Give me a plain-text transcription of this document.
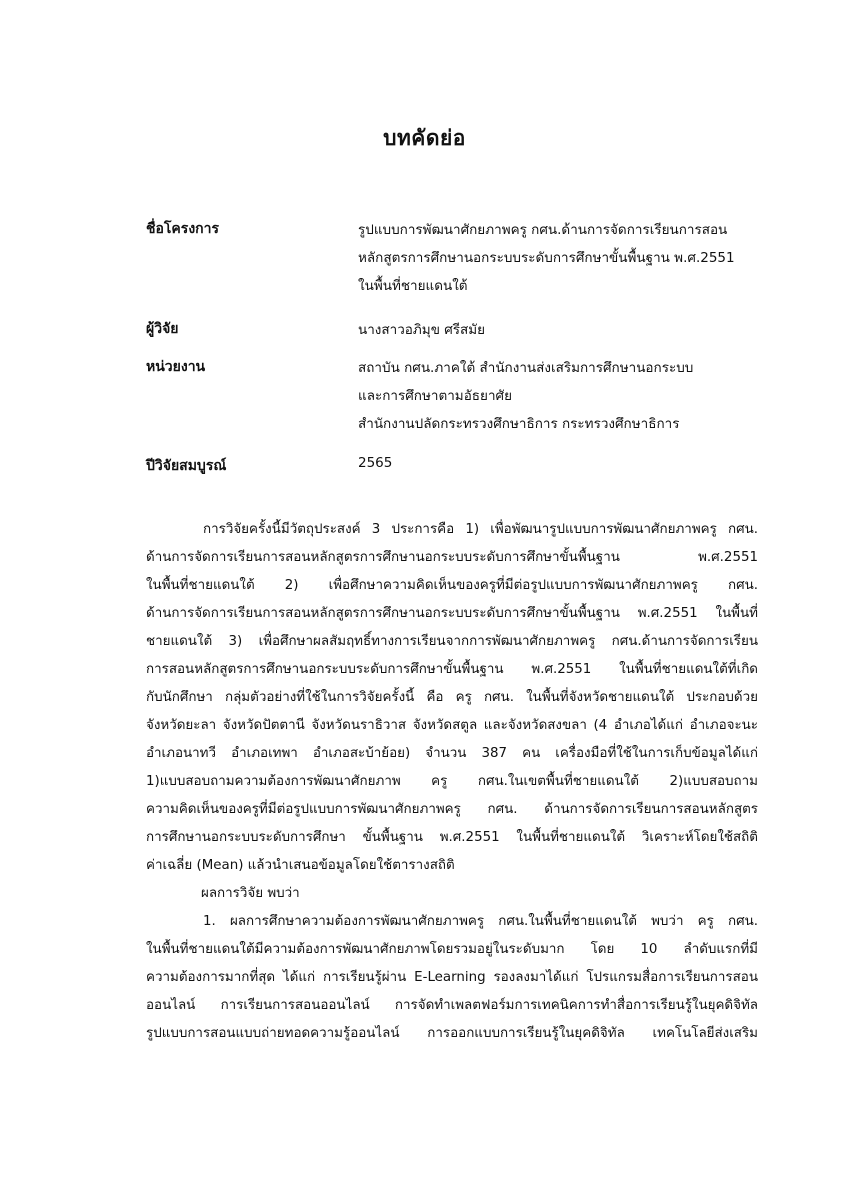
บทคัดย่อ
ชื่อโครงการ	รูปแบบการพัฒนาศักยภาพครู กศน.ด้านการจัดการเรียนการสอน
หลักสูตรการศึกษานอกระบบระดับการศึกษาขั้นพื้นฐาน พ.ศ.2551
ในพื้นที่ชายแดนใต้
ผู้วิจัย	นางสาวอภิมุข ศรีสมัย
หน่วยงาน	สถาบัน กศน.ภาคใต้ สำนักงานส่งเสริมการศึกษานอกระบบ
และการศึกษาตามอัธยาศัย
สำนักงานปลัดกระทรวงศึกษาธิการ กระทรวงศึกษาธิการ
ปีวิจัยสมบูรณ์	2565
การวิจัยครั้งนี้มีวัตถุประสงค์ 3 ประการคือ 1) เพื่อพัฒนารูปแบบการพัฒนาศักยภาพครู กศน.
ด้านการจัดการเรียนการสอนหลักสูตรการศึกษานอกระบบระดับการศึกษาขั้นพื้นฐาน พ.ศ.2551
ในพื้นที่ชายแดนใต้ 2) เพื่อศึกษาความคิดเห็นของครูที่มีต่อรูปแบบการพัฒนาศักยภาพครู กศน.
ด้านการจัดการเรียนการสอนหลักสูตรการศึกษานอกระบบระดับการศึกษาขั้นพื้นฐาน พ.ศ.2551 ในพื้นที่
ชายแดนใต้ 3) เพื่อศึกษาผลสัมฤทธิ์ทางการเรียนจากการพัฒนาศักยภาพครู กศน.ด้านการจัดการเรียน
การสอนหลักสูตรการศึกษานอกระบบระดับการศึกษาขั้นพื้นฐาน พ.ศ.2551 ในพื้นที่ชายแดนใต้ที่เกิด
กับนักศึกษา กลุ่มตัวอย่างที่ใช้ในการวิจัยครั้งนี้ คือ ครู กศน. ในพื้นที่จังหวัดชายแดนใต้ ประกอบด้วย
จังหวัดยะลา จังหวัดปัตตานี จังหวัดนราธิวาส จังหวัดสตูล และจังหวัดสงขลา (4 อำเภอได้แก่ อำเภอจะนะ
อำเภอนาทวี อำเภอเทพา อำเภอสะบ้าย้อย) จำนวน 387 คน เครื่องมือที่ใช้ในการเก็บข้อมูลได้แก่
1)แบบสอบถามความต้องการพัฒนาศักยภาพ ครู กศน.ในเขตพื้นที่ชายแดนใต้ 2)แบบสอบถาม
ความคิดเห็นของครูที่มีต่อรูปแบบการพัฒนาศักยภาพครู กศน. ด้านการจัดการเรียนการสอนหลักสูตร
การศึกษานอกระบบระดับการศึกษา ขั้นพื้นฐาน พ.ศ.2551 ในพื้นที่ชายแดนใต้ วิเคราะห์โดยใช้สถิติ
ค่าเฉลี่ย (Mean) แล้วนำเสนอข้อมูลโดยใช้ตารางสถิติ
ผลการวิจัย พบว่า
1. ผลการศึกษาความต้องการพัฒนาศักยภาพครู กศน.ในพื้นที่ชายแดนใต้ พบว่า ครู กศน.
ในพื้นที่ชายแดนใต้มีความต้องการพัฒนาศักยภาพโดยรวมอยู่ในระดับมาก โดย 10 ลำดับแรกที่มี
ความต้องการมากที่สุด ได้แก่ การเรียนรู้ผ่าน E-Learning รองลงมาได้แก่ โปรแกรมสื่อการเรียนการสอน
ออนไลน์ การเรียนการสอนออนไลน์ การจัดทำเพลตฟอร์มการเทคนิคการทำสื่อการเรียนรู้ในยุคดิจิทัล
รูปแบบการสอนแบบถ่ายทอดความรู้ออนไลน์ การออกแบบการเรียนรู้ในยุคดิจิทัล เทคโนโลยีส่งเสริม
